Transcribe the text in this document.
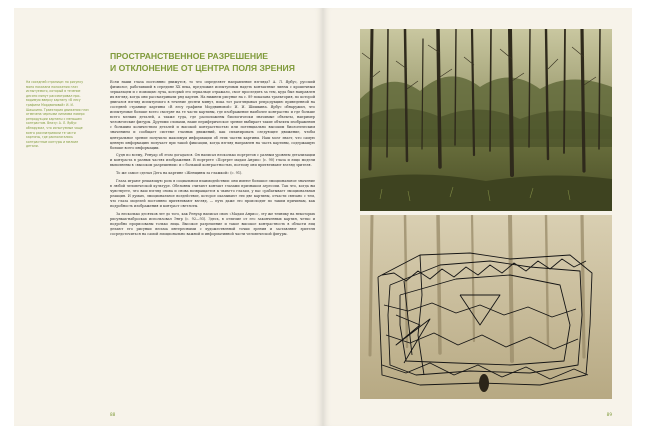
На соседней странице: по рисунку моно показана положения глаз испытуемого, который в течение десяти минут рассматривал при-водимую вверху картину «В лесу графини Мордвиновой» И. И. Шишкина. Траектория движения глаз отмечена черными линиями поверх репродукции картины с меньшим контрастом. Внизу: А. Л. Ярбус обнаружил, что испытуемые чаще всего рассматривали те части картины, где располагались контрастные контуры и мелкие детали.

ПРОСТРАНСТВЕННОЕ РАЗРЕШЕНИЕ
И ОТКЛОНЕНИЕ ОТ ЦЕНТРА ПОЛЯ ЗРЕНИЯ

Если наши глаза постоянно движутся, то что определяет направление взгляда? А. Л. Ярбус, русский физиолог, работавший в середине XX века, предложил испытуемым надеть контактные линзы с крошечным зеркальцем и с помощью луча, который это зеркальце отражало, смог проследить за тем, куда был направлен их взгляд, когда они рассматривали ряд картин. На нижнем рисунке на с. 89 показана траектория, по которой двигался взгляд испытуемого в течение десяти минут, пока тот разглядывал репродукцию приведенной на соседней странице картины «В лесу графини Мордвиновой» И. И. Шишкина. Ярбус обнаружил, что испытуемые больше всего смотрят на те части картины, где изображение наиболее контрастно и где больше всего мелких деталей, а также туда, где расположены биологически значимые объекты, например человеческие фигуры. Другими словами, наше периферическое зрение выбирает такие объекты изображения с большим количеством деталей и высокой контрастностью или потенциально высоким биологическим значением и сообщает системе глазных движений, как спланировать следующее движение, чтобы центральное зрение получило максимум информации об этих частях картины. Наш мозг знает, что самую ценную информацию получает при такой фиксации, когда взгляд направлен на часть картины, содержащую больше всего информации.

Судя по всему, Ренуар об этом догадался. Он написал несколько портретов с разным уровнем детализации и контраста в разных частях изображения. В портрете «Портрет мадам Анрио» (с. 90) глаза и лицо модели выполнены в «высоком разрешении» и с большой контрастностью, поэтому они притягивают взгляд зрителя.

То же самое сделал Дега на картине «Женщины за глажкой» (с. 91).

Глаза играют решающую роль в социальном взаимодействии: они имеют большое эмоциональное значение в любой человеческой культуре. Обезьяны считают контакт глазами признаком агрессии. Так что, когда вы чувствуете, что ваш взгляд снова и снова возвращается к чьим-то глазам, у вас срабатывает эмоциональная реакция. И думаю, эмоциональное воздействие, которое оказывают эти две картины, отчасти связано с тем, что глаза моделей постоянно притягивают взгляд, — путь даже это происходит по таким причинам, как подробность изображения и контраст светлоты.

За несколько десятков лет до того, как Ренуар написал свою «Мадам Анрио», эту же технику на некоторых рисунках-набросках использовал Энгр (с. 92—93). Здесь, в отличие от его законченных картин, четко и подробно прорисованы только лица. Высокое разрешение и такое высокое контрастность в области лиц делают его рисунки весьма интересными с художественной точки зрения и заставляют зрителя сосредоточиться на самой эмоционально важной и информативной части человеческой фигуры.

88	89
